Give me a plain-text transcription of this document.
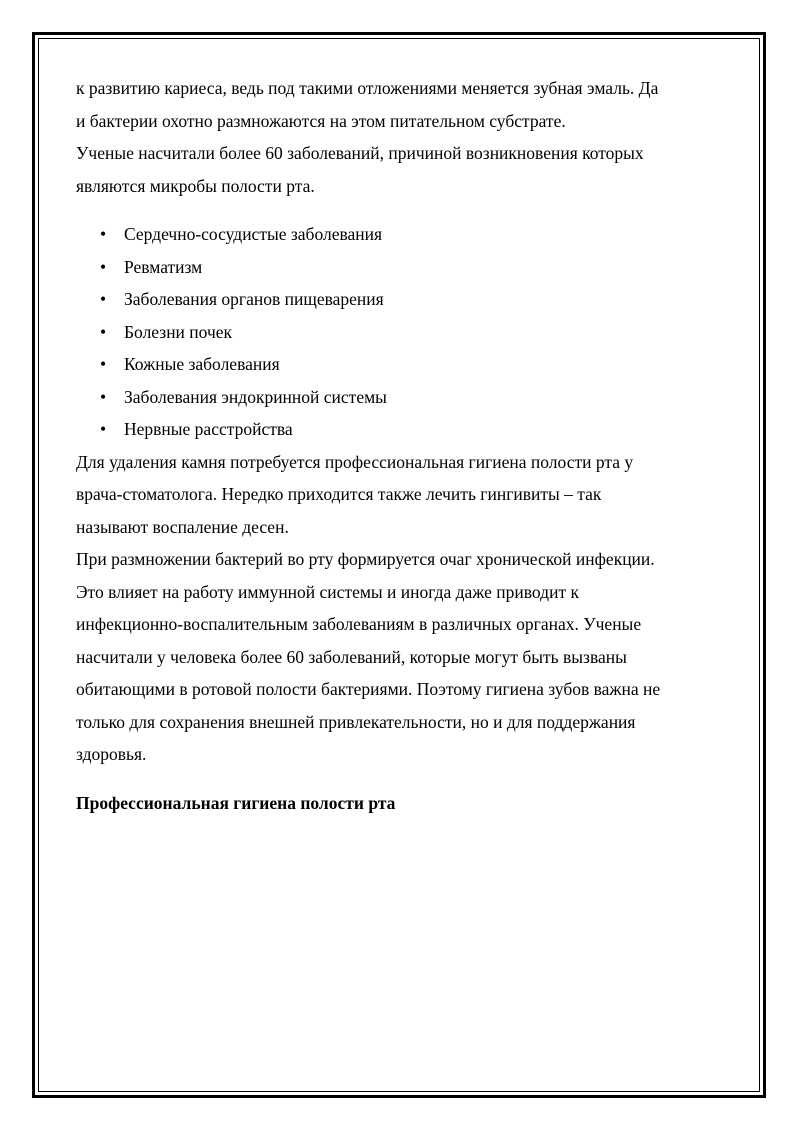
к развитию кариеса, ведь под такими отложениями меняется зубная эмаль. Да

и бактерии охотно размножаются на этом питательном субстрате.

Ученые насчитали более 60 заболеваний, причиной возникновения которых

являются микробы полости рта.

• Сердечно-сосудистые заболевания
• Ревматизм
• Заболевания органов пищеварения
• Болезни почек
• Кожные заболевания
• Заболевания эндокринной системы
• Нервные расстройства

Для удаления камня потребуется профессиональная гигиена полости рта у

врача-стоматолога. Нередко приходится также лечить гингивиты – так

называют воспаление десен.

При размножении бактерий во рту формируется очаг хронической инфекции.

Это влияет на работу иммунной системы и иногда даже приводит к

инфекционно-воспалительным заболеваниям в различных органах. Ученые

насчитали у человека более 60 заболеваний, которые могут быть вызваны

обитающими в ротовой полости бактериями. Поэтому гигиена зубов важна не

только для сохранения внешней привлекательности, но и для поддержания

здоровья.

Профессиональная гигиена полости рта
